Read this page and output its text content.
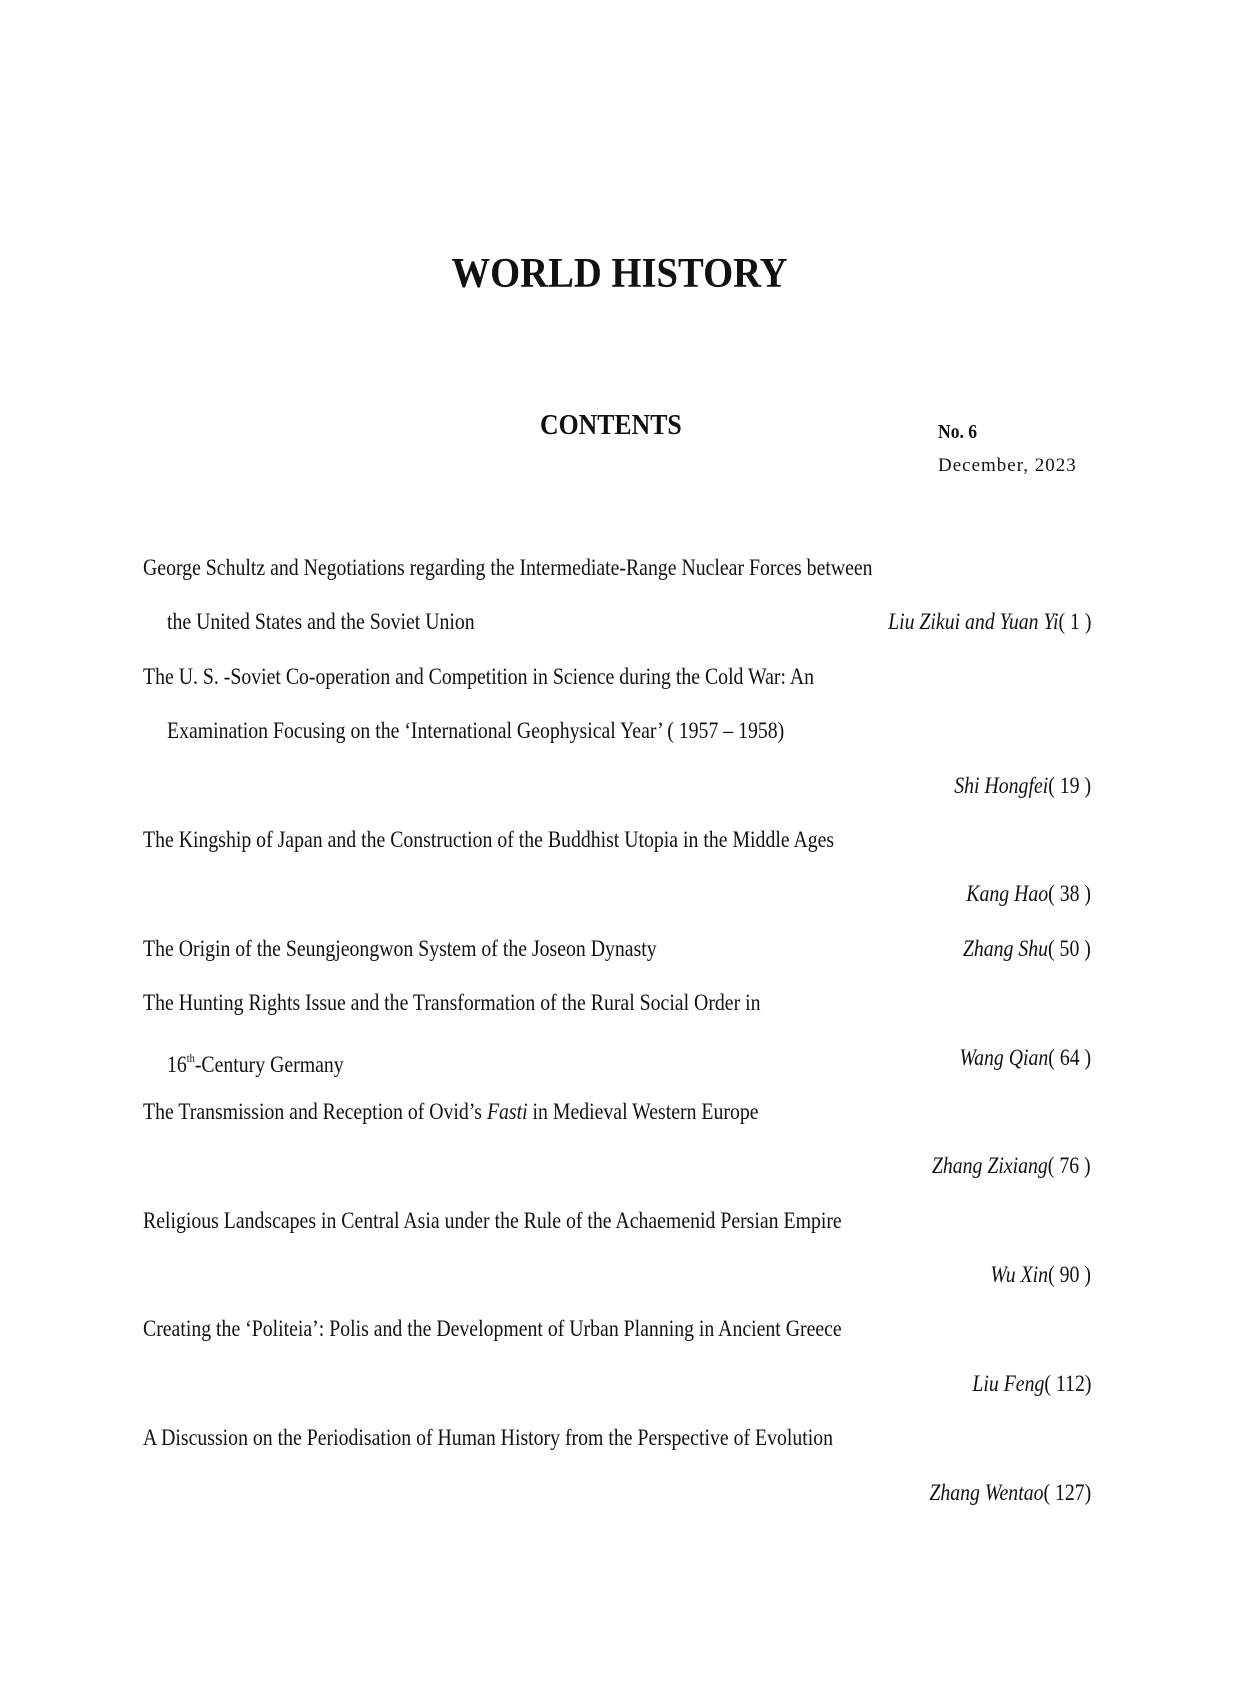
WORLD HISTORY
CONTENTS	No. 6
December, 2023
George Schultz and Negotiations regarding the Intermediate-Range Nuclear Forces between
the United States and the Soviet Union	Liu Zikui and Yuan Yi( 1 )
The U. S. -Soviet Co-operation and Competition in Science during the Cold War: An
Examination Focusing on the ‘International Geophysical Year’ ( 1957 – 1958)
Shi Hongfei( 19 )
The Kingship of Japan and the Construction of the Buddhist Utopia in the Middle Ages
Kang Hao( 38 )
The Origin of the Seungjeongwon System of the Joseon Dynasty	Zhang Shu( 50 )
The Hunting Rights Issue and the Transformation of the Rural Social Order in
16th-Century Germany	Wang Qian( 64 )
The Transmission and Reception of Ovid’s Fasti in Medieval Western Europe
Zhang Zixiang( 76 )
Religious Landscapes in Central Asia under the Rule of the Achaemenid Persian Empire
Wu Xin( 90 )
Creating the ‘Politeia’: Polis and the Development of Urban Planning in Ancient Greece
Liu Feng( 112)
A Discussion on the Periodisation of Human History from the Perspective of Evolution
Zhang Wentao( 127)
